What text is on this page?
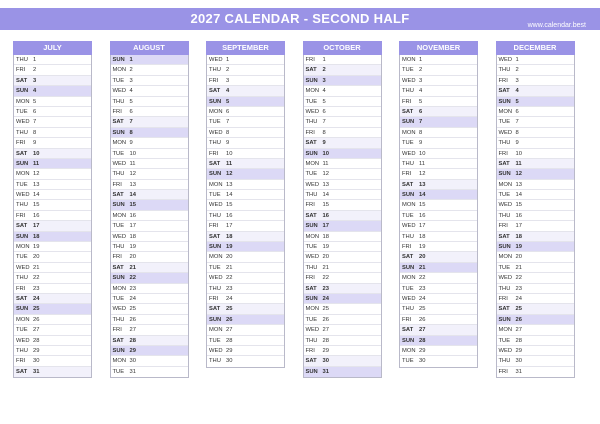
2027 CALENDAR - SECOND HALF	www.calendar.best
JULY
THU 1
FRI 2
SAT 3
SUN 4
MON 5
TUE 6
WED 7
THU 8
FRI 9
SAT 10
SUN 11
MON 12
TUE 13
WED 14
THU 15
FRI 16
SAT 17
SUN 18
MON 19
TUE 20
WED 21
THU 22
FRI 23
SAT 24
SUN 25
MON 26
TUE 27
WED 28
THU 29
FRI 30
SAT 31
AUGUST
SUN 1
MON 2
TUE 3
WED 4
THU 5
FRI 6
SAT 7
SUN 8
MON 9
TUE 10
WED 11
THU 12
FRI 13
SAT 14
SUN 15
MON 16
TUE 17
WED 18
THU 19
FRI 20
SAT 21
SUN 22
MON 23
TUE 24
WED 25
THU 26
FRI 27
SAT 28
SUN 29
MON 30
TUE 31
SEPTEMBER
WED 1
THU 2
FRI 3
SAT 4
SUN 5
MON 6
TUE 7
WED 8
THU 9
FRI 10
SAT 11
SUN 12
MON 13
TUE 14
WED 15
THU 16
FRI 17
SAT 18
SUN 19
MON 20
TUE 21
WED 22
THU 23
FRI 24
SAT 25
SUN 26
MON 27
TUE 28
WED 29
THU 30
OCTOBER
FRI 1
SAT 2
SUN 3
MON 4
TUE 5
WED 6
THU 7
FRI 8
SAT 9
SUN 10
MON 11
TUE 12
WED 13
THU 14
FRI 15
SAT 16
SUN 17
MON 18
TUE 19
WED 20
THU 21
FRI 22
SAT 23
SUN 24
MON 25
TUE 26
WED 27
THU 28
FRI 29
SAT 30
SUN 31
NOVEMBER
MON 1
TUE 2
WED 3
THU 4
FRI 5
SAT 6
SUN 7
MON 8
TUE 9
WED 10
THU 11
FRI 12
SAT 13
SUN 14
MON 15
TUE 16
WED 17
THU 18
FRI 19
SAT 20
SUN 21
MON 22
TUE 23
WED 24
THU 25
FRI 26
SAT 27
SUN 28
MON 29
TUE 30
DECEMBER
WED 1
THU 2
FRI 3
SAT 4
SUN 5
MON 6
TUE 7
WED 8
THU 9
FRI 10
SAT 11
SUN 12
MON 13
TUE 14
WED 15
THU 16
FRI 17
SAT 18
SUN 19
MON 20
TUE 21
WED 22
THU 23
FRI 24
SAT 25
SUN 26
MON 27
TUE 28
WED 29
THU 30
FRI 31
